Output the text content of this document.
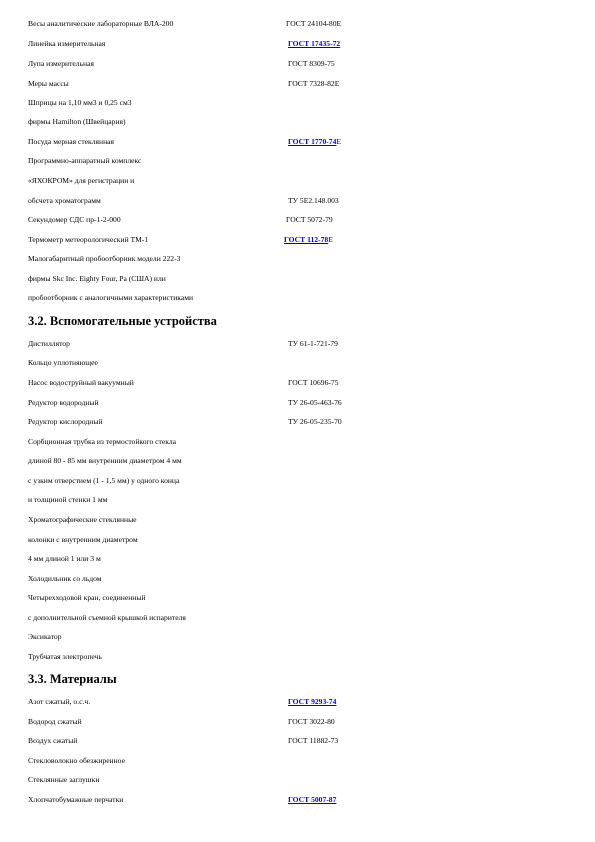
Весы аналитические лабораторные ВЛА-200	ГОСТ 24104-80Е
Линейка измерительная	ГОСТ 17435-72
Лупа измерительная	ГОСТ 8309-75
Меры массы	ГОСТ 7328-82Е
Шприцы на 1,10 мм3 и 0,25 см3
фирмы Hamilton (Швейцария)
Посуда мерная стеклянная	ГОСТ 1770-74Е
Программно-аппаратный комплекс
«ЯХОКРОМ» для регистрации и
обсчета хроматограмм	ТУ 5Е2.148.003
Секундомер СДС пр-1-2-000	ГОСТ 5072-79
Термометр метеорологический ТМ-1	ГОСТ 112-78Е
Малогабаритный пробоотборник модели 222-3
фирмы Skc Inc. Eighty Four, Pa (США) или
пробоотборник с аналогичными характеристиками
3.2. Вспомогательные устройства
Дистиллятор	ТУ 61-1-721-79
Кольцо уплотняющее
Насос водоструйный вакуумный	ГОСТ 10696-75
Редуктор водородный	ТУ 26-05-463-76
Редуктор кислородный	ТУ 26-05-235-70
Сорбционная трубка из термостойкого стекла
длиной 80 - 85 мм внутренним диаметром 4 мм
с узким отверстием (1 - 1,5 мм) у одного конца
и толщиной стенки 1 мм
Хроматографические стеклянные
колонки с внутренним диаметром
4 мм длиной 1 или 3 м
Холодильник со льдом
Четырехходовой кран, соединенный
с дополнительной съемной крышкой испарителя
Эксикатор
Трубчатая электропечь
3.3. Материалы
Азот сжатый, о.с.ч.	ГОСТ 9293-74
Водород сжатый	ГОСТ 3022-80
Воздух сжатый	ГОСТ 11882-73
Стекловолокно обезжиренное
Стеклянные заглушки
Хлопчатобумажные перчатки	ГОСТ 5007-87
